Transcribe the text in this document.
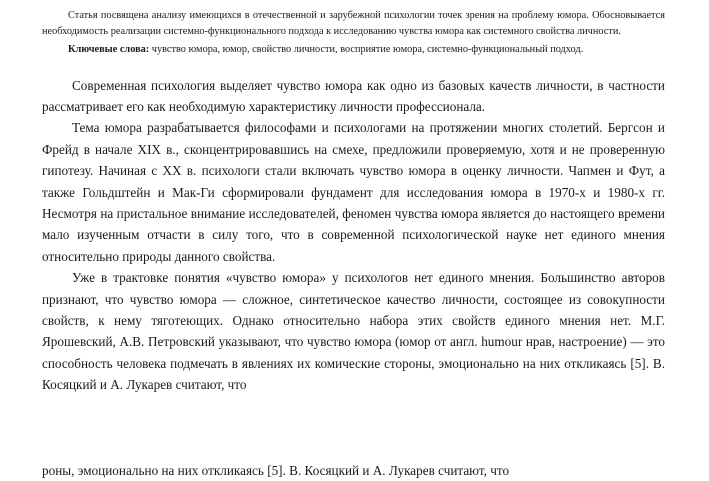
Статья посвящена анализу имеющихся в отечественной и зарубежной психологии точек зрения на проблему юмора. Обосновывается необходимость реализации системно-функционального подхода к исследованию чувства юмора как системного свойства личности.

Ключевые слова: чувство юмора, юмор, свойство личности, восприятие юмора, системно-функциональный подход.

Современная психология выделяет чувство юмора как одно из базовых качеств личности, в частности рассматривает его как необходимую характеристику личности профессионала.

Тема юмора разрабатывается философами и психологами на протяжении многих столетий. Бергсон и Фрейд в начале XIX в., сконцентрировавшись на смехе, предложили проверяемую, хотя и не проверенную гипотезу. Начиная с XX в. психологи стали включать чувство юмора в оценку личности. Чапмен и Фут, а также Гольдштейн и Мак-Ги сформировали фундамент для исследования юмора в 1970-х и 1980-х гг. Несмотря на пристальное внимание исследователей, феномен чувства юмора является до настоящего времени мало изученным отчасти в силу того, что в современной психологической науке нет единого мнения относительно природы данного свойства.

Уже в трактовке понятия «чувство юмора» у психологов нет единого мнения. Большинство авторов признают, что чувство юмора — сложное, синтетическое качество личности, состоящее из совокупности свойств, к нему тяготеющих. Однако относительно набора этих свойств единого мнения нет. М.Г. Ярошевский, А.В. Петровский указывают, что чувство юмора (юмор от англ. humour нрав, настроение) — это способность человека подмечать в явлениях их комические стороны, эмоционально на них откликаясь [5]. В. Косяцкий и А. Лукарев считают, что

роны, эмоционально на них откликаясь [5]. В. Косяцкий и А. Лукарев считают, что
